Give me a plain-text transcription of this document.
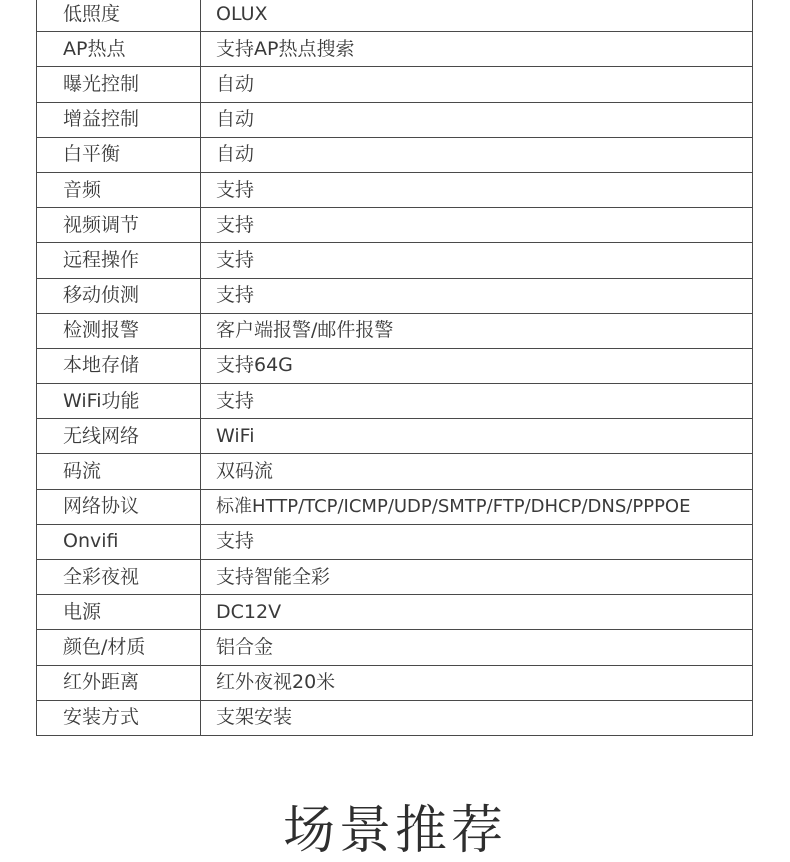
低照度	OLUX
AP热点	支持AP热点搜索
曝光控制	自动
增益控制	自动
白平衡	自动
音频	支持
视频调节	支持
远程操作	支持
移动侦测	支持
检测报警	客户端报警/邮件报警
本地存储	支持64G
WiFi功能	支持
无线网络	WiFi
码流	双码流
网络协议	标准HTTP/TCP/ICMP/UDP/SMTP/FTP/DHCP/DNS/PPPOE
Onvifi	支持
全彩夜视	支持智能全彩
电源	DC12V
颜色/材质	铝合金
红外距离	红外夜视20米
安装方式	支架安装
场景推荐
